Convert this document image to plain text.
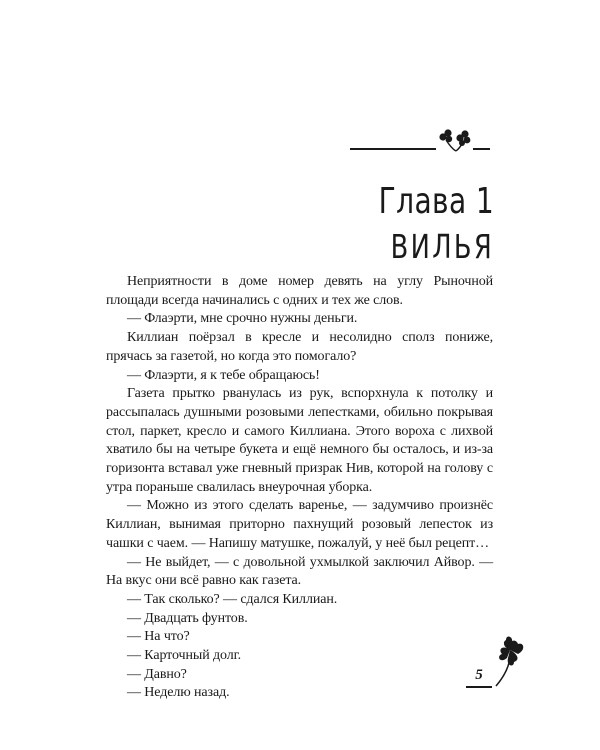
Глава 1
ВИЛЬЯ

Неприятности в доме номер девять на углу Рыночной площади всегда начинались с одних и тех же слов.

— Флаэрти, мне срочно нужны деньги.

Киллиан поёрзал в кресле и несолидно сполз пониже, прячась за газетой, но когда это помогало?

— Флаэрти, я к тебе обращаюсь!

Газета прытко рванулась из рук, вспорхнула к потолку и рассыпалась душными розовыми лепестками, обильно покрывая стол, паркет, кресло и самого Киллиана. Этого вороха с лихвой хватило бы на четыре букета и ещё немного бы осталось, и из-за горизонта вставал уже гневный призрак Нив, которой на голову с утра пораньше свалилась внеурочная уборка.

— Можно из этого сделать варенье, — задумчиво произнёс Киллиан, вынимая приторно пахнущий розовый лепесток из чашки с чаем. — Напишу матушке, пожалуй, у неё был рецепт…

— Не выйдет, — с довольной ухмылкой заключил Айвор. — На вкус они всё равно как газета.

— Так сколько? — сдался Киллиан.

— Двадцать фунтов.

— На что?

— Карточный долг.

— Давно?

— Неделю назад.

5
